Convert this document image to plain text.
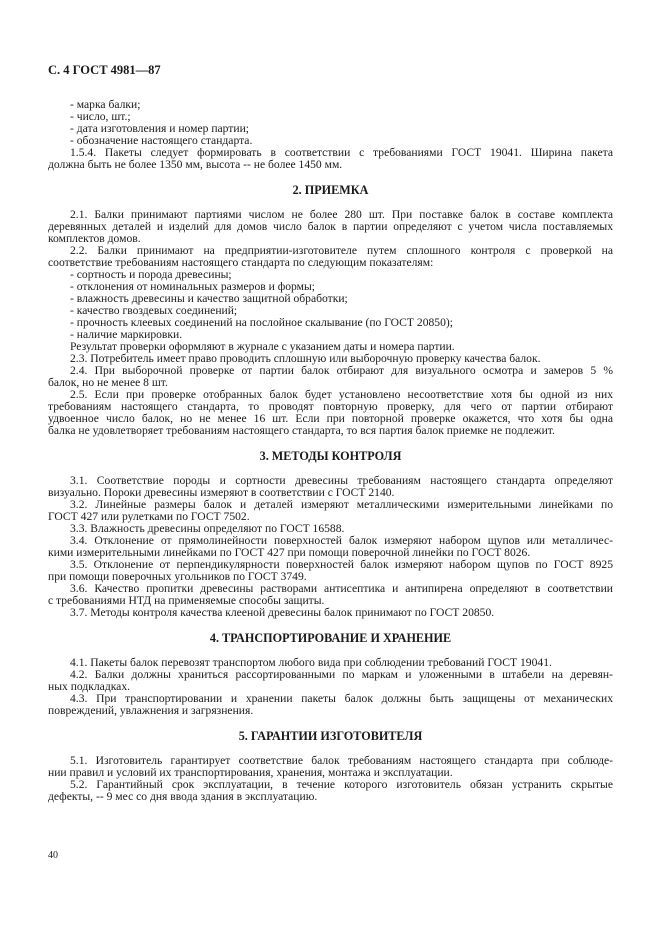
С. 4 ГОСТ 4981—87
- марка балки;
- число, шт.;
- дата изготовления и номер партии;
- обозначение настоящего стандарта.
1.5.4. Пакеты следует формировать в соответствии с требованиями ГОСТ 19041. Ширина пакета
должна быть не более 1350 мм, высота -- не более 1450 мм.
2. ПРИЕМКА
2.1. Балки принимают партиями числом не более 280 шт. При поставке балок в составе комплекта
деревянных деталей и изделий для домов число балок в партии определяют с учетом числа поставляемых
комплектов домов.
2.2. Балки принимают на предприятии-изготовителе путем сплошного контроля с проверкой на
соответствие требованиям настоящего стандарта по следующим показателям:
- сортность и порода древесины;
- отклонения от номинальных размеров и формы;
- влажность древесины и качество защитной обработки;
- качество гвоздевых соединений;
- прочность клеевых соединений на послойное скалывание (по ГОСТ 20850);
- наличие маркировки.
Результат проверки оформляют в журнале с указанием даты и номера партии.
2.3. Потребитель имеет право проводить сплошную или выборочную проверку качества балок.
2.4. При выборочной проверке от партии балок отбирают для визуального осмотра и замеров 5 %
балок, но не менее 8 шт.
2.5. Если при проверке отобранных балок будет установлено несоответствие хотя бы одной из них
требованиям настоящего стандарта, то проводят повторную проверку, для чего от партии отбирают
удвоенное число балок, но не менее 16 шт. Если при повторной проверке окажется, что хотя бы одна
балка не удовлетворяет требованиям настоящего стандарта, то вся партия балок приемке не подлежит.
3. МЕТОДЫ КОНТРОЛЯ
3.1. Соответствие породы и сортности древесины требованиям настоящего стандарта определяют
визуально. Пороки древесины измеряют в соответствии с ГОСТ 2140.
3.2. Линейные размеры балок и деталей измеряют металлическими измерительными линейками по
ГОСТ 427 или рулетками по ГОСТ 7502.
3.3. Влажность древесины определяют по ГОСТ 16588.
3.4. Отклонение от прямолинейности поверхностей балок измеряют набором щупов или металличес-
кими измерительными линейками по ГОСТ 427 при помощи поверочной линейки по ГОСТ 8026.
3.5. Отклонение от перпендикулярности поверхностей балок измеряют набором щупов по ГОСТ 8925
при помощи поверочных угольников по ГОСТ 3749.
3.6. Качество пропитки древесины растворами антисептика и антипирена определяют в соответствии
с требованиями НТД на применяемые способы защиты.
3.7. Методы контроля качества клееной древесины балок принимают по ГОСТ 20850.
4. ТРАНСПОРТИРОВАНИЕ И ХРАНЕНИЕ
4.1. Пакеты балок перевозят транспортом любого вида при соблюдении требований ГОСТ 19041.
4.2. Балки должны храниться рассортированными по маркам и уложенными в штабели на деревян-
ных подкладках.
4.3. При транспортировании и хранении пакеты балок должны быть защищены от механических
повреждений, увлажнения и загрязнения.
5. ГАРАНТИИ ИЗГОТОВИТЕЛЯ
5.1. Изготовитель гарантирует соответствие балок требованиям настоящего стандарта при соблюде-
нии правил и условий их транспортирования, хранения, монтажа и эксплуатации.
5.2. Гарантийный срок эксплуатации, в течение которого изготовитель обязан устранить скрытые
дефекты, -- 9 мес со дня ввода здания в эксплуатацию.
40
